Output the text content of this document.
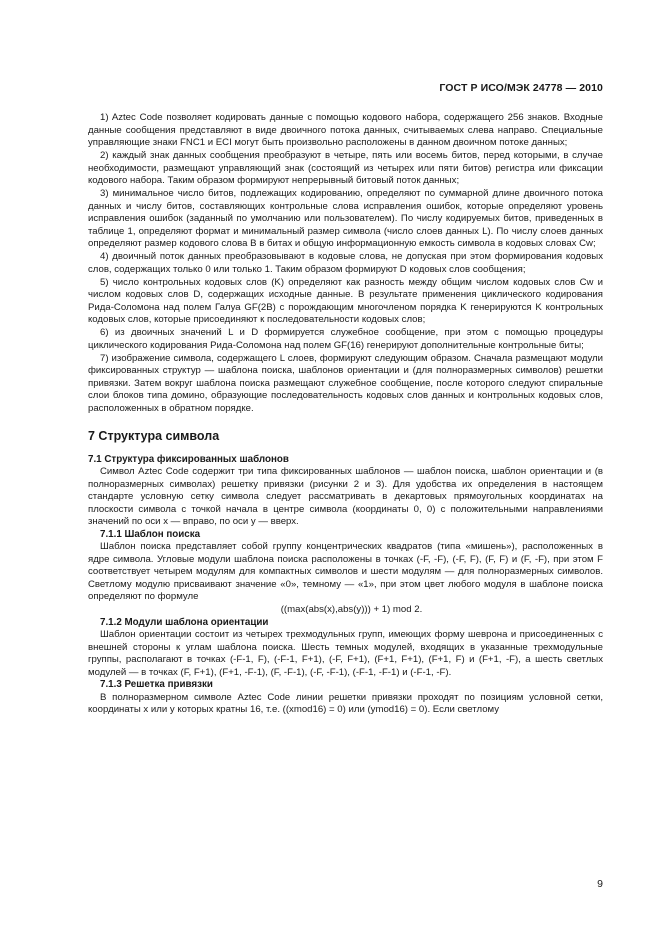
ГОСТ Р ИСО/МЭК 24778 — 2010

1) Aztec Code позволяет кодировать данные с помощью кодового набора, содержащего 256 знаков. Входные данные сообщения представляют в виде двоичного потока данных, считываемых слева направо. Специальные управляющие знаки FNC1 и ECI могут быть произвольно расположены в данном двоичном потоке данных;

2) каждый знак данных сообщения преобразуют в четыре, пять или восемь битов, перед которыми, в случае необходимости, размещают управляющий знак (состоящий из четырех или пяти битов) регистра или фиксации кодового набора. Таким образом формируют непрерывный битовый поток данных;

3) минимальное число битов, подлежащих кодированию, определяют по суммарной длине двоичного потока данных и числу битов, составляющих контрольные слова исправления ошибок, которые определяют уровень исправления ошибок (заданный по умолчанию или пользователем). По числу кодируемых битов, приведенных в таблице 1, определяют формат и минимальный размер символа (число слоев данных L). По числу слоев данных определяют размер кодового слова B в битах и общую информационную емкость символа в кодовых словах Cw;

4) двоичный поток данных преобразовывают в кодовые слова, не допуская при этом формирования кодовых слов, содержащих только 0 или только 1. Таким образом формируют D кодовых слов сообщения;

5) число контрольных кодовых слов (K) определяют как разность между общим числом кодовых слов Cw и числом кодовых слов D, содержащих исходные данные. В результате применения циклического кодирования Рида-Соломона над полем Галуа GF(2B) с порождающим многочленом порядка K генерируются K контрольных кодовых слов, которые присоединяют к последовательности кодовых слов;

6) из двоичных значений L и D формируется служебное сообщение, при этом с помощью процедуры циклического кодирования Рида-Соломона над полем GF(16) генерируют дополнительные контрольные биты;

7) изображение символа, содержащего L слоев, формируют следующим образом. Сначала размещают модули фиксированных структур — шаблона поиска, шаблонов ориентации и (для полноразмерных символов) решетки привязки. Затем вокруг шаблона поиска размещают служебное сообщение, после которого следуют спиральные слои блоков типа домино, образующие последовательность кодовых слов данных и контрольных кодовых слов, расположенных в обратном порядке.

7 Структура символа
7.1 Структура фиксированных шаблонов

Символ Aztec Code содержит три типа фиксированных шаблонов — шаблон поиска, шаблон ориентации и (в полноразмерных символах) решетку привязки (рисунки 2 и 3). Для удобства их определения в настоящем стандарте условную сетку символа следует рассматривать в декартовых прямоугольных координатах на плоскости символа с точкой начала в центре символа (координаты 0, 0) с положительными направлениями значений по оси x — вправо, по оси y — вверх.

7.1.1 Шаблон поиска

Шаблон поиска представляет собой группу концентрических квадратов (типа «мишень»), расположенных в ядре символа. Угловые модули шаблона поиска расположены в точках (-F, -F), (-F, F), (F, F) и (F, -F), при этом F соответствует четырем модулям для компактных символов и шести модулям — для полноразмерных символов. Светлому модулю присваивают значение «0», темному — «1», при этом цвет любого модуля в шаблоне поиска определяют по формуле

((max(abs(x),abs(y))) + 1) mod 2.

7.1.2 Модули шаблона ориентации

Шаблон ориентации состоит из четырех трехмодульных групп, имеющих форму шеврона и присоединенных с внешней стороны к углам шаблона поиска. Шесть темных модулей, входящих в указанные трехмодульные группы, располагают в точках (-F-1, F), (-F-1, F+1), (-F, F+1), (F+1, F+1), (F+1, F) и (F+1, -F), а шесть светлых модулей — в точках (F, F+1), (F+1, -F-1), (F, -F-1), (-F, -F-1), (-F-1, -F-1) и (-F-1, -F).

7.1.3 Решетка привязки

В полноразмерном символе Aztec Code линии решетки привязки проходят по позициям условной сетки, координаты x или y которых кратны 16, т.е. ((xmod16) = 0) или (ymod16) = 0). Если светлому

9
